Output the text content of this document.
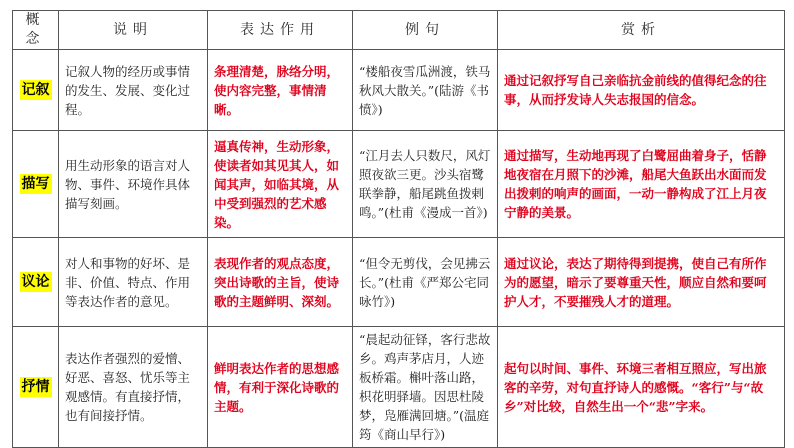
概念	说明	表达作用	例句	赏析
记叙	记叙人物的经历或事情的发生、发展、变化过程。	条理清楚，脉络分明，使内容完整，事情清晰。	“楼船夜雪瓜洲渡，铁马秋风大散关。”(陆游《书愤》)	通过记叙抒写自己亲临抗金前线的值得纪念的往事，从而抒发诗人失志报国的信念。
描写	用生动形象的语言对人物、事件、环境作具体描写刻画。	逼真传神，生动形象，使读者如其见其人，如闻其声，如临其境，从中受到强烈的艺术感染。	“江月去人只数尺，风灯照夜欲三更。沙头宿鹭联拳静，船尾跳鱼拨剌鸣。”(杜甫《漫成一首》)	通过描写，生动地再现了白鹭屈曲着身子，恬静地夜宿在月照下的沙滩，船尾大鱼跃出水面而发出拨剌的响声的画面，一动一静构成了江上月夜宁静的美景。
议论	对人和事物的好坏、是非、价值、特点、作用等表达作者的意见。	表现作者的观点态度，突出诗歌的主旨，使诗歌的主题鲜明、深刻。	“但令无剪伐，会见拂云长。”(杜甫《严郑公宅同咏竹》)	通过议论，表达了期待得到提携，使自己有所作为的愿望，暗示了要尊重天性，顺应自然和要呵护人才，不要摧残人才的道理。
抒情	表达作者强烈的爱憎、好恶、喜怒、忧乐等主观感情。有直接抒情，也有间接抒情。	鲜明表达作者的思想感情，有利于深化诗歌的主题。	“晨起动征铎，客行悲故乡。鸡声茅店月，人迹板桥霜。槲叶落山路，枳花明驿墙。因思杜陵梦，凫雁满回塘。”(温庭筠《商山早行》)	起句以时间、事件、环境三者相互照应，写出旅客的辛劳，对句直抒诗人的感慨。“客行”与“故乡”对比较，自然生出一个“悲”字来。
